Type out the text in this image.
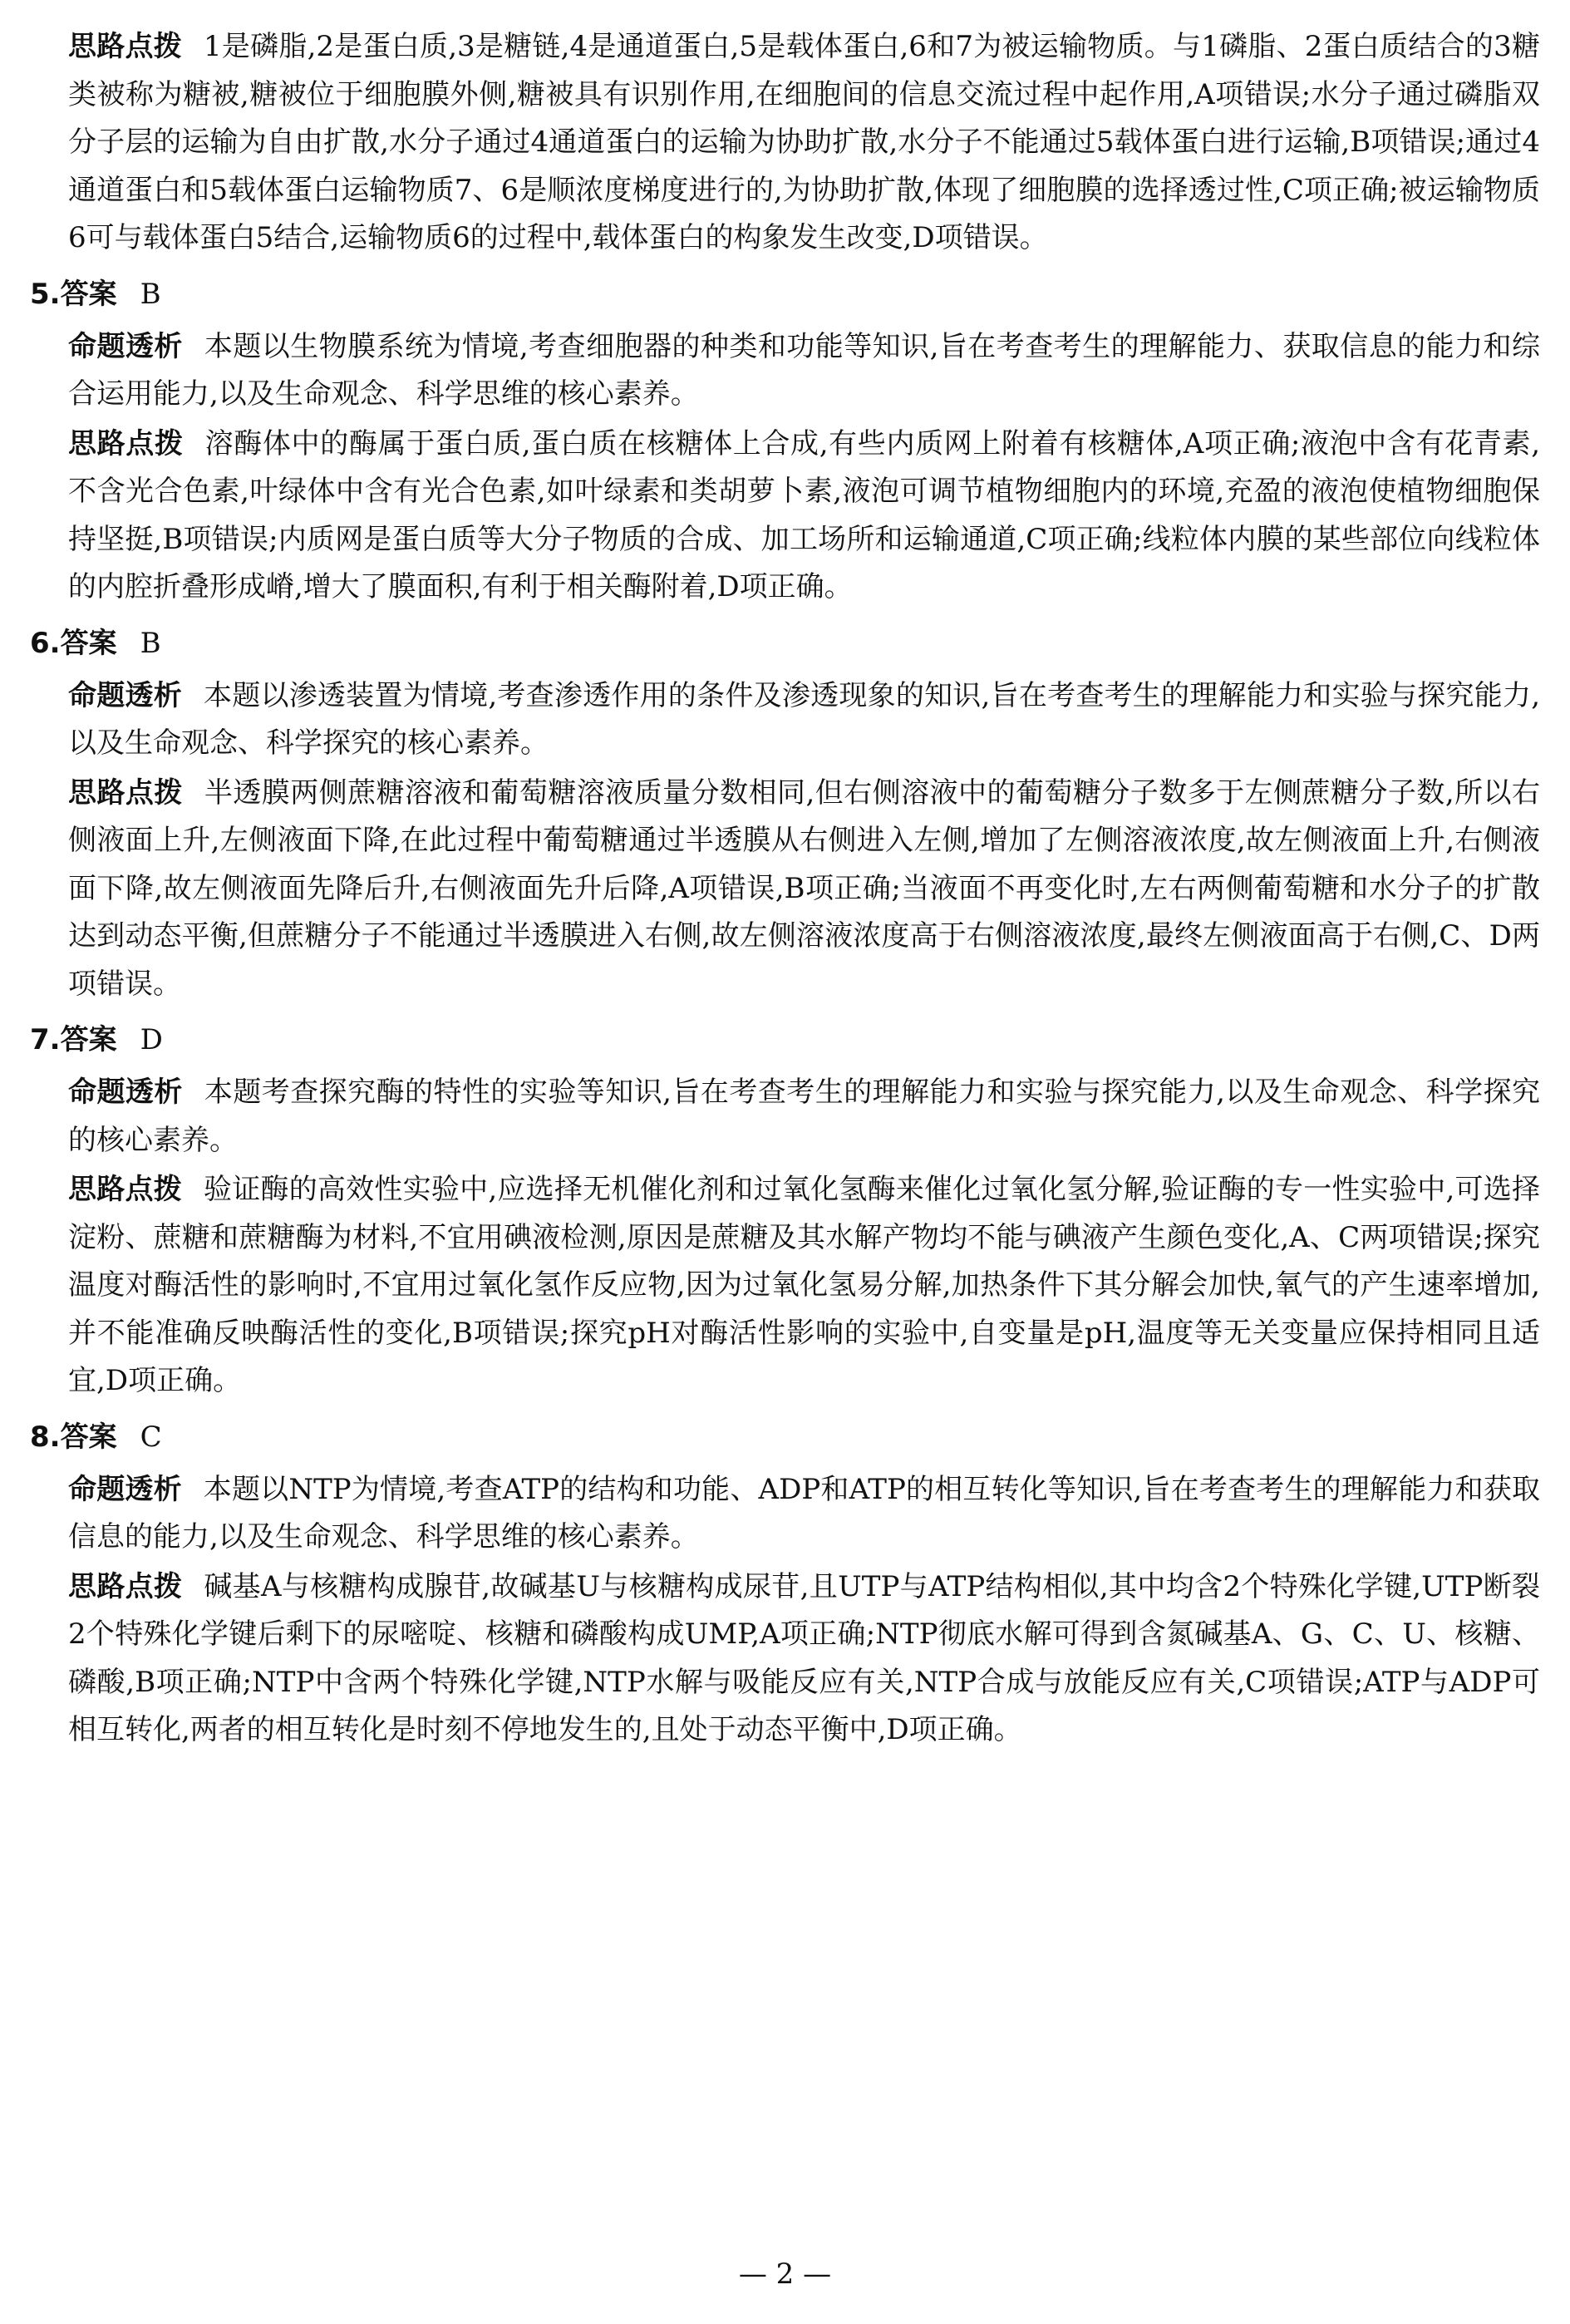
思路点拨 1是磷脂,2是蛋白质,3是糖链,4是通道蛋白,5是载体蛋白,6和7为被运输物质。与1磷脂、2蛋白质结合的3糖类被称为糖被,糖被位于细胞膜外侧,糖被具有识别作用,在细胞间的信息交流过程中起作用,A项错误;水分子通过磷脂双分子层的运输为自由扩散,水分子通过4通道蛋白的运输为协助扩散,水分子不能通过5载体蛋白进行运输,B项错误;通过4通道蛋白和5载体蛋白运输物质7、6是顺浓度梯度进行的,为协助扩散,体现了细胞膜的选择透过性,C项正确;被运输物质6可与载体蛋白5结合,运输物质6的过程中,载体蛋白的构象发生改变,D项错误。

5.答案 B

命题透析 本题以生物膜系统为情境,考查细胞器的种类和功能等知识,旨在考查考生的理解能力、获取信息的能力和综合运用能力,以及生命观念、科学思维的核心素养。

思路点拨 溶酶体中的酶属于蛋白质,蛋白质在核糖体上合成,有些内质网上附着有核糖体,A项正确;液泡中含有花青素,不含光合色素,叶绿体中含有光合色素,如叶绿素和类胡萝卜素,液泡可调节植物细胞内的环境,充盈的液泡使植物细胞保持坚挺,B项错误;内质网是蛋白质等大分子物质的合成、加工场所和运输通道,C项正确;线粒体内膜的某些部位向线粒体的内腔折叠形成嵴,增大了膜面积,有利于相关酶附着,D项正确。

6.答案 B

命题透析 本题以渗透装置为情境,考查渗透作用的条件及渗透现象的知识,旨在考查考生的理解能力和实验与探究能力,以及生命观念、科学探究的核心素养。

思路点拨 半透膜两侧蔗糖溶液和葡萄糖溶液质量分数相同,但右侧溶液中的葡萄糖分子数多于左侧蔗糖分子数,所以右侧液面上升,左侧液面下降,在此过程中葡萄糖通过半透膜从右侧进入左侧,增加了左侧溶液浓度,故左侧液面上升,右侧液面下降,故左侧液面先降后升,右侧液面先升后降,A项错误,B项正确;当液面不再变化时,左右两侧葡萄糖和水分子的扩散达到动态平衡,但蔗糖分子不能通过半透膜进入右侧,故左侧溶液浓度高于右侧溶液浓度,最终左侧液面高于右侧,C、D两项错误。

7.答案 D

命题透析 本题考查探究酶的特性的实验等知识,旨在考查考生的理解能力和实验与探究能力,以及生命观念、科学探究的核心素养。

思路点拨 验证酶的高效性实验中,应选择无机催化剂和过氧化氢酶来催化过氧化氢分解,验证酶的专一性实验中,可选择淀粉、蔗糖和蔗糖酶为材料,不宜用碘液检测,原因是蔗糖及其水解产物均不能与碘液产生颜色变化,A、C两项错误;探究温度对酶活性的影响时,不宜用过氧化氢作反应物,因为过氧化氢易分解,加热条件下其分解会加快,氧气的产生速率增加,并不能准确反映酶活性的变化,B项错误;探究pH对酶活性影响的实验中,自变量是pH,温度等无关变量应保持相同且适宜,D项正确。

8.答案 C

命题透析 本题以NTP为情境,考查ATP的结构和功能、ADP和ATP的相互转化等知识,旨在考查考生的理解能力和获取信息的能力,以及生命观念、科学思维的核心素养。

思路点拨 碱基A与核糖构成腺苷,故碱基U与核糖构成尿苷,且UTP与ATP结构相似,其中均含2个特殊化学键,UTP断裂2个特殊化学键后剩下的尿嘧啶、核糖和磷酸构成UMP,A项正确;NTP彻底水解可得到含氮碱基A、G、C、U、核糖、磷酸,B项正确;NTP中含两个特殊化学键,NTP水解与吸能反应有关,NTP合成与放能反应有关,C项错误;ATP与ADP可相互转化,两者的相互转化是时刻不停地发生的,且处于动态平衡中,D项正确。

— 2 —
